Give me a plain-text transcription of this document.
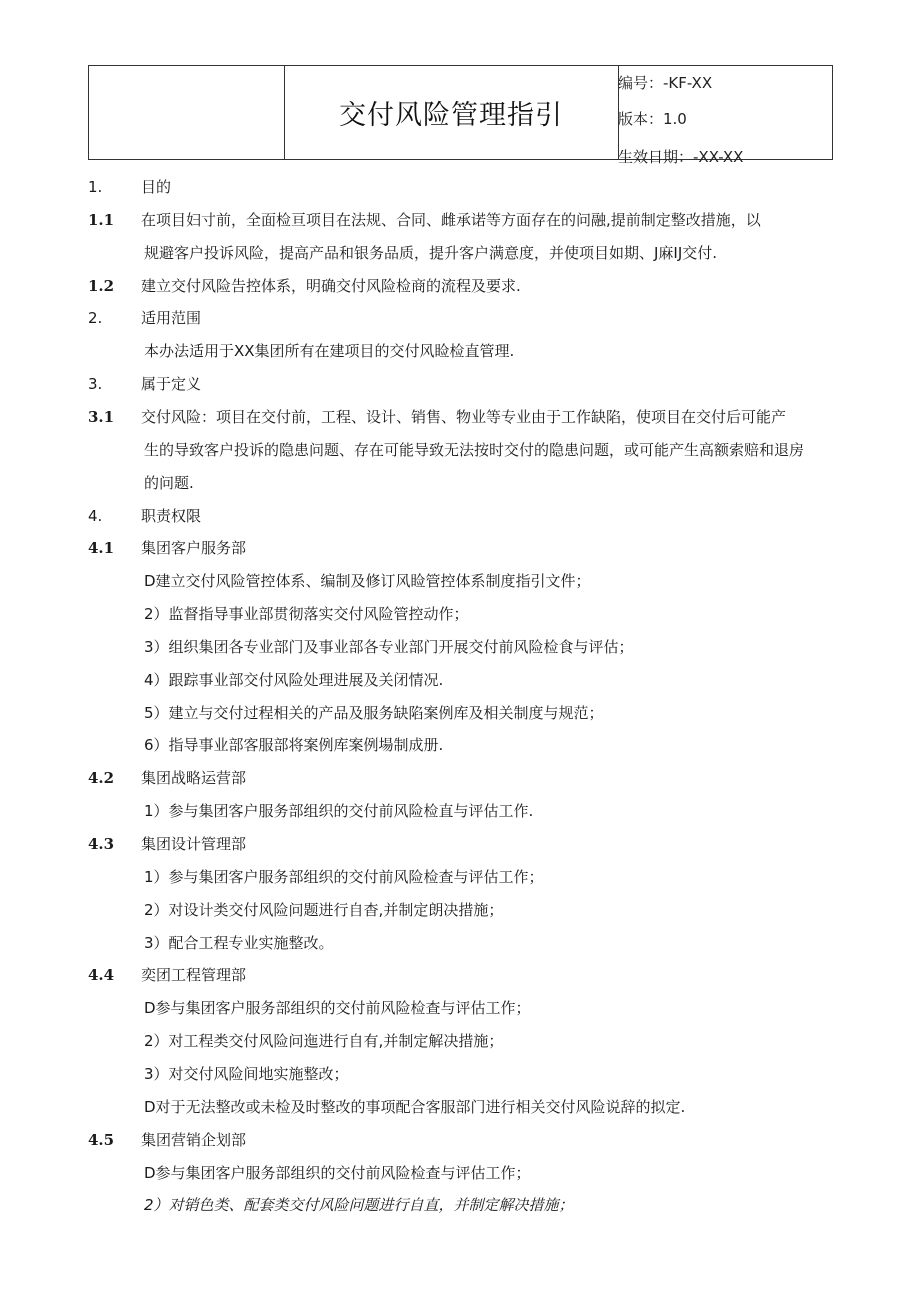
交付风险管理指引
编号：-KF-XX
版本：1.0
生效日期：-XX-XX
1.	目的
1.1	在项目妇寸前，全面检亘项目在法规、合同、雌承诺等方面存在的问融,提前制定整改措施，以
规避客户投诉风险，提高产品和银务品质，提升客户满意度，并使项目如期、J麻IJ交付.
1.2	建立交付风险告控体系，明确交付风险检商的流程及要求.
2.	适用范围
本办法适用于XX集团所有在建项目的交付风睑检直管理.
3.	属于定义
3.1	交付风险：项目在交付前，工程、设计、销售、物业等专业由于工作缺陷，使项目在交付后可能产
生的导致客户投诉的隐患问题、存在可能导致无法按时交付的隐患问题，或可能产生高额索赔和退房
的问题.
4.	职责权限
4.1	集团客户服务部
D建立交付风险管控体系、编制及修订风睑管控体系制度指引文件；
2）监督指导事业部贯彻落实交付风险管控动作；
3）组织集团各专业部门及事业部各专业部门开展交付前风险检食与评估；
4）跟踪事业部交付风险处理进展及关闭情况.
5）建立与交付过程相关的产品及服务缺陷案例库及相关制度与规范；
6）指导事业部客服部将案例库案例場制成册.
4.2	集团战略运营部
1）参与集团客户服务部组织的交付前风险检直与评估工作.
4.3	集团设计管理部
1）参与集团客户服务部组织的交付前风险检查与评估工作；
2）对设计类交付风险问题进行自杳,并制定朗决措施；
3）配合工程专业实施整改。
4.4	奕团工程管理部
D参与集团客户服务部组织的交付前风险检查与评估工作；
2）对工程类交付风险问迤进行自有,并制定解决措施；
3）对交付风险间地实施整改；
D对于无法整改或未检及时整改的事项配合客服部门进行相关交付风险说辞的拟定.
4.5	集团营销企划部
D参与集团客户服务部组织的交付前风险检查与评估工作；
2）对销色类、配套类交付风险问题进行自直，并制定解决措施；
